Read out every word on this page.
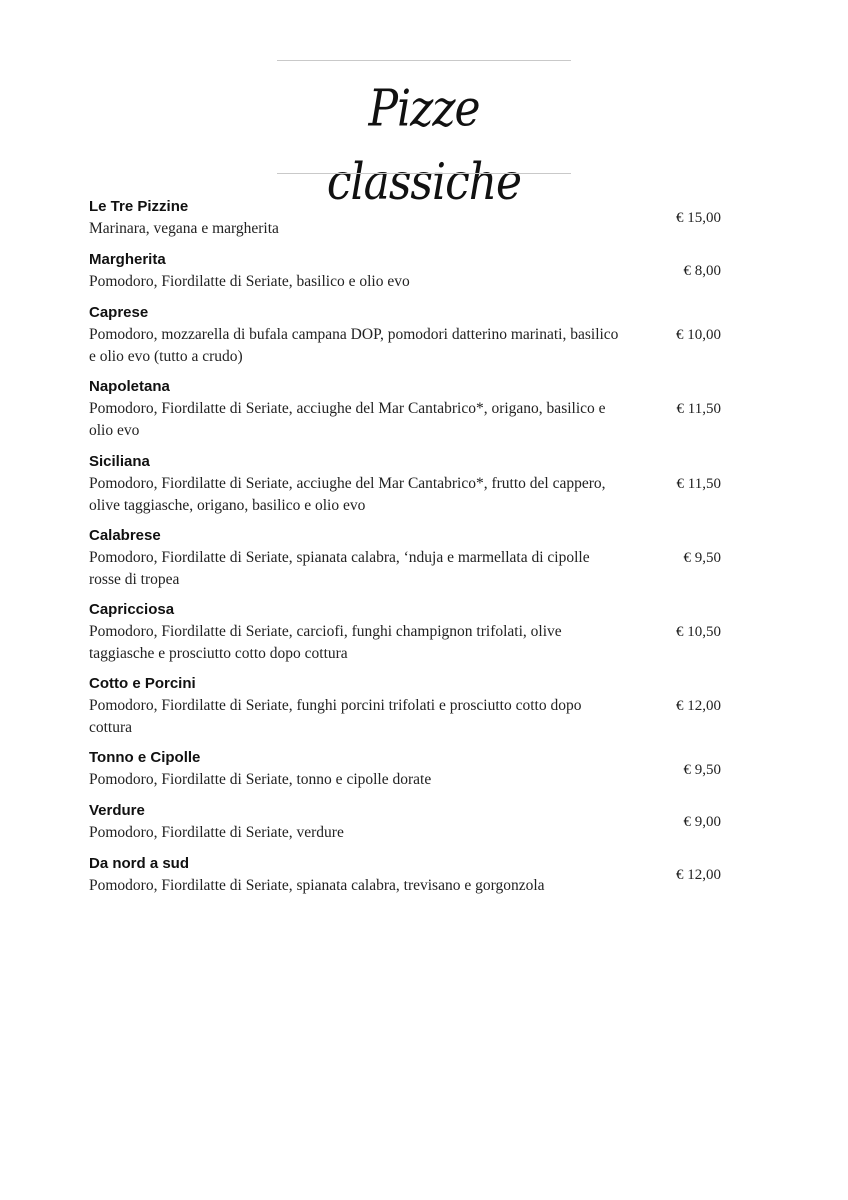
Pizze classiche
Le Tre Pizzine
Marinara, vegana e margherita
€ 15,00
Margherita
Pomodoro, Fiordilatte di Seriate, basilico e olio evo
€ 8,00
Caprese
Pomodoro, mozzarella di bufala campana DOP, pomodori datterino marinati, basilico e olio evo (tutto a crudo)
€ 10,00
Napoletana
Pomodoro, Fiordilatte di Seriate, acciughe del Mar Cantabrico*, origano, basilico e olio evo
€ 11,50
Siciliana
Pomodoro, Fiordilatte di Seriate, acciughe del Mar Cantabrico*, frutto del cappero, olive taggiasche, origano, basilico e olio evo
€ 11,50
Calabrese
Pomodoro, Fiordilatte di Seriate, spianata calabra, ‘nduja e marmellata di cipolle rosse di tropea
€ 9,50
Capricciosa
Pomodoro, Fiordilatte di Seriate, carciofi, funghi champignon trifolati, olive taggiasche e prosciutto cotto dopo cottura
€ 10,50
Cotto e Porcini
Pomodoro, Fiordilatte di Seriate, funghi porcini trifolati e prosciutto cotto dopo cottura
€ 12,00
Tonno e Cipolle
Pomodoro, Fiordilatte di Seriate, tonno e cipolle dorate
€ 9,50
Verdure
Pomodoro, Fiordilatte di Seriate, verdure
€ 9,00
Da nord a sud
Pomodoro, Fiordilatte di Seriate, spianata calabra, trevisano e gorgonzola
€ 12,00
